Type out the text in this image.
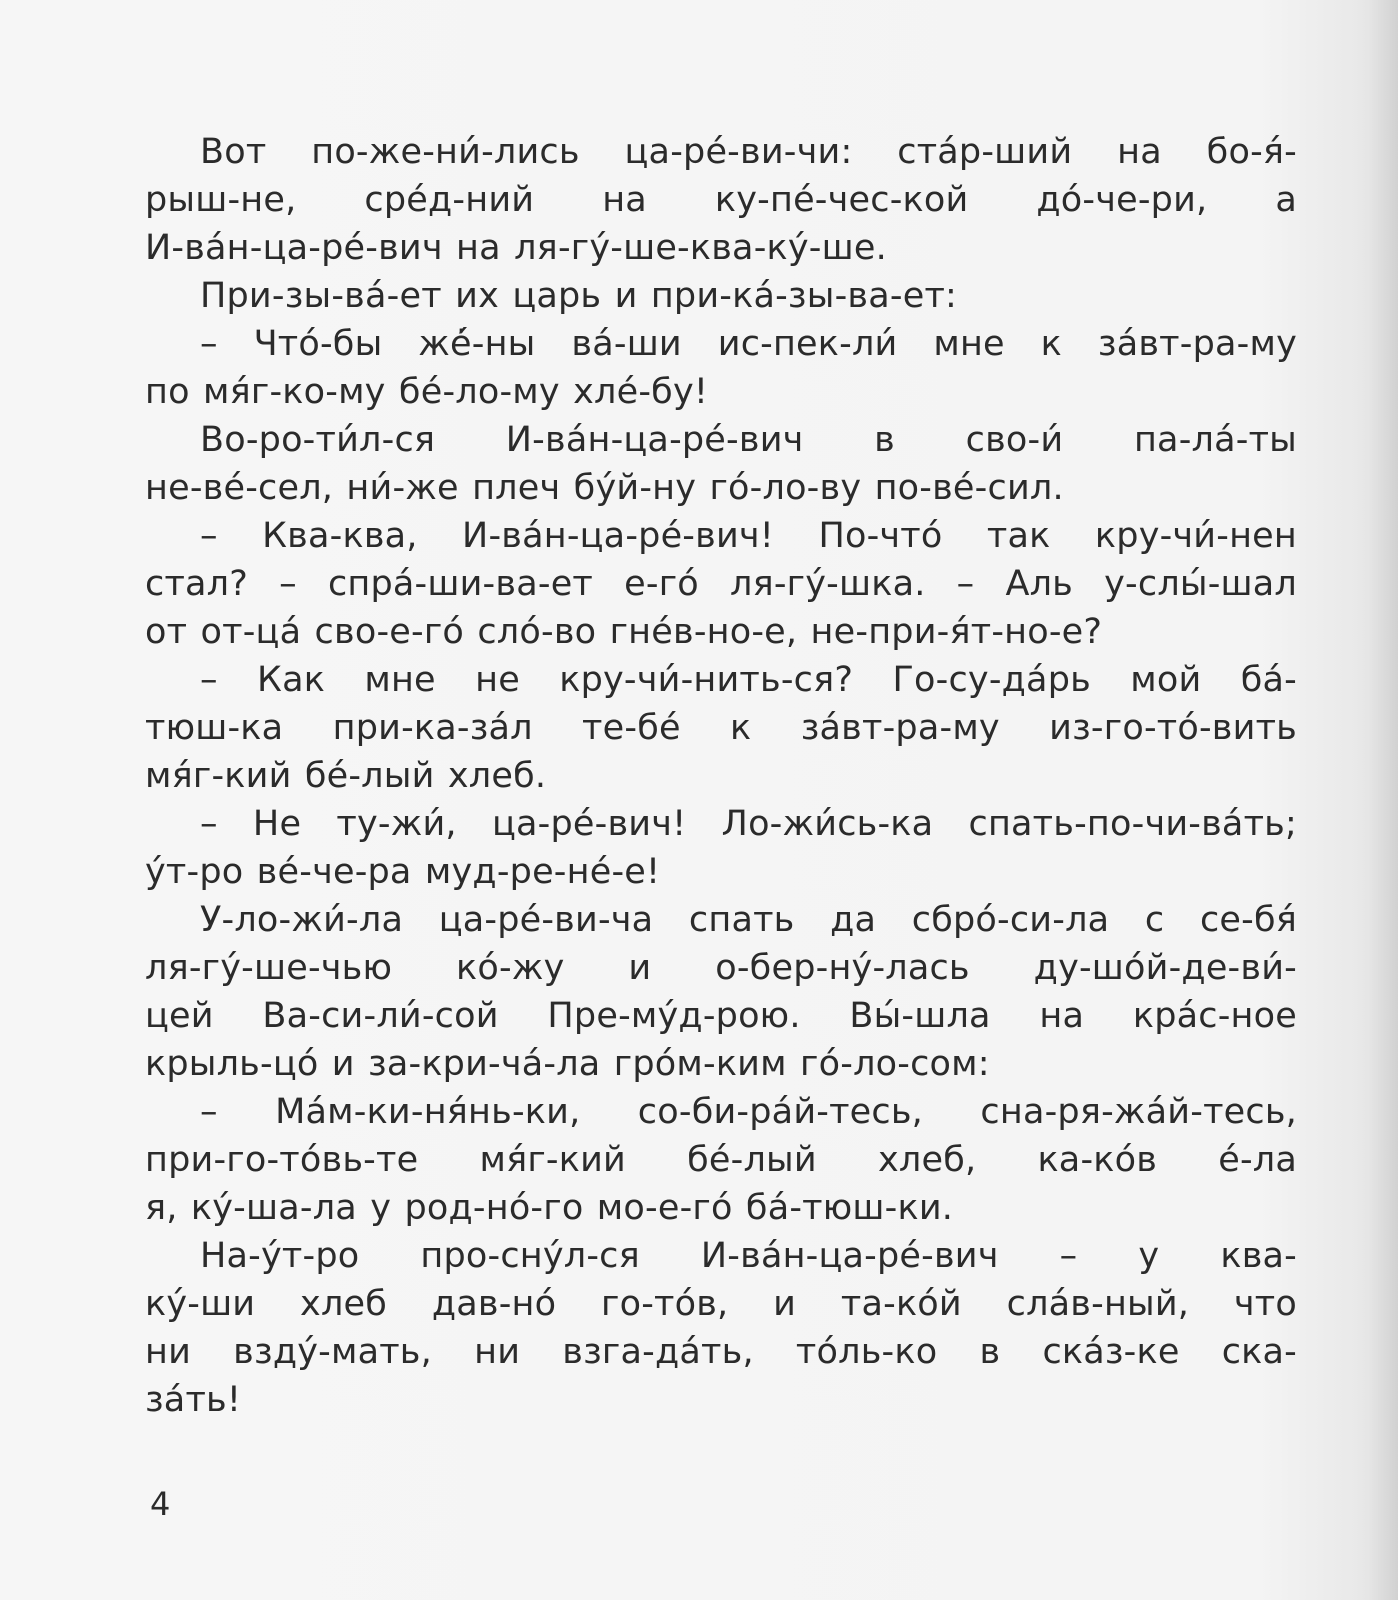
Вот по-же-ни́-лись ца-ре́-ви-чи: ста́р-ший на бо-я́-
рыш-не, сре́д-ний на ку-пе́-чес-кой до́-че-ри, а
И-ва́н-ца-ре́-вич на ля-гу́-ше-ква-ку́-ше.
При-зы-ва́-ет их царь и при-ка́-зы-ва-ет:
– Что́-бы же̇́-ны ва́-ши ис-пек-ли́ мне к за́вт-ра-му
по мя́г-ко-му бе́-ло-му хле́-бу!
Во-ро-ти́л-ся И-ва́н-ца-ре́-вич в сво-и́ па-ла́-ты
не-ве́-сел, ни́-же плеч бу́й-ну го́-ло-ву по-ве́-сил.
– Ква-ква, И-ва́н-ца-ре́-вич! По-что́ так кру-чи́-нен
стал? – спра́-ши-ва-ет е-го́ ля-гу́-шка. – Аль у-слы́-шал
от от-ца́ сво-е-го́ сло́-во гне́в-но-е, не-при-я́т-но-е?
– Как мне не кру-чи́-нить-ся? Го-су-да́рь мой ба́-
тюш-ка при-ка-за́л те-бе́ к за́вт-ра-му из-го-то́-вить
мя́г-кий бе́-лый хлеб.
– Не ту-жи́, ца-ре́-вич! Ло-жи́сь-ка спать-по-чи-ва́ть;
у́т-ро ве́-че-ра муд-ре-не́-е!
У-ло-жи́-ла ца-ре́-ви-ча спать да сбро́-си-ла с се-бя́
ля-гу́-ше-чью ко́-жу и о-бер-ну́-лась ду-шо́й-де-ви́-
цей Ва-си-ли́-сой Пре-му́д-рою. Вы́-шла на кра́с-ное
крыль-цо́ и за-кри-ча́-ла гро́м-ким го́-ло-сом:
– Ма́м-ки-ня́нь-ки, со-би-ра́й-тесь, сна-ря-жа́й-тесь,
при-го-то́вь-те мя́г-кий бе́-лый хлеб, ка-ко́в е́-ла
я, ку́-ша-ла у род-но́-го мо-е-го́ ба́-тюш-ки.
На-у́т-ро про-сну́л-ся И-ва́н-ца-ре́-вич – у ква-
ку́-ши хлеб дав-но́ го-то́в, и та-ко́й сла́в-ный, что
ни взду́-мать, ни взга-да́ть, то́ль-ко в ска́з-ке ска-
за́ть!
4
